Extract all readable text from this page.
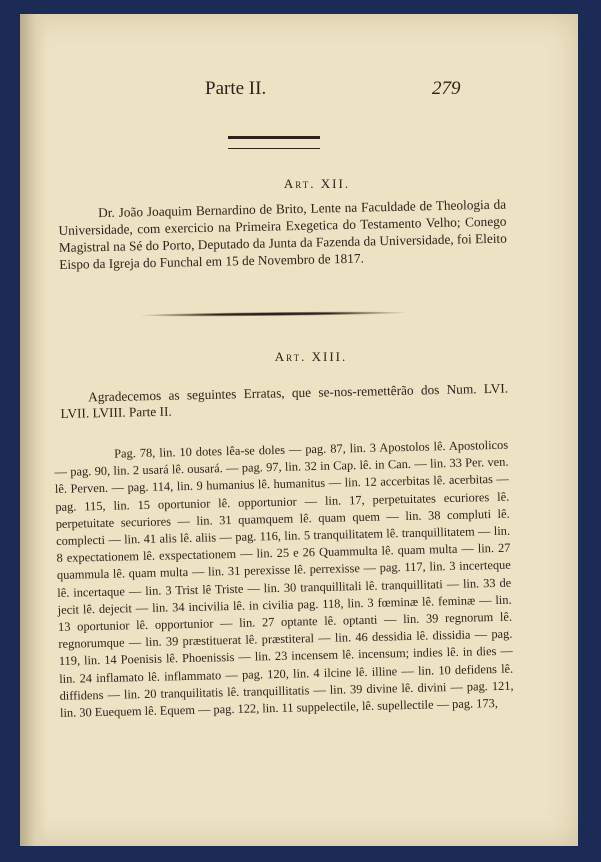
Parte II.	279
Art. XII.
Dr. João Joaquim Bernardino de Brito, Lente na Faculdade de Theologia da Universidade, com exercicio na Primeira Exegetica do Testamento Velho; Conego Magistral na Sé do Porto, Deputado da Junta da Fazenda da Universidade, foi Eleito Eispo da Igreja do Funchal em 15 de Novembro de 1817.
Art. XIII.
Agradecemos as seguintes Erratas, que se-nos-remettêrão dos Num. LVI. LVII. LVIII. Parte II.
Pag. 78, lin. 10 dotes lêa-se doles — pag. 87, lin. 3 Apostolos lê. Apostolicos — pag. 90, lin. 2 usará lê. ousará. — pag. 97, lin. 32 in Cap. lê. in Can. — lin. 33 Per. ven. lê. Perven. — pag. 114, lin. 9 humanius lê. humanitus — lin. 12 accerbitas lê. acerbitas — pag. 115, lin. 15 oportunior lê. opportunior — lin. 17, perpetuitates ecuriores lê. perpetuitate securiores — lin. 31 quamquem lê. quam quem — lin. 38 compluti lê. complecti — lin. 41 alis lê. aliis — pag. 116, lin. 5 tranquilitatem lê. tranquillitatem — lin. 8 expectationem lê. exspectationem — lin. 25 e 26 Quammulta lê. quam multa — lin. 27 quammula lê. quam multa — lin. 31 perexisse lê. perrexisse — pag. 117, lin. 3 incerteque lê. incertaque — lin. 3 Trist lê Triste — lin. 30 tranquillitali lê. tranquillitati — lin. 33 de jecit lê. dejecit — lin. 34 incivilia lê. in civilia pag. 118, lin. 3 fœminæ lê. feminæ — lin. 13 oportunior lê. opportunior — lin. 27 optante lê. optanti — lin. 39 regnorum lê. regnorumque — lin. 39 præstituerat lê. præstiteral — lin. 46 dessidia lê. dissidia — pag. 119, lin. 14 Poenisis lê. Phoenissis — lin. 23 incensem lê. incensum; indies lê. in dies — lin. 24 inflamato lê. inflammato — pag. 120, lin. 4 ilcine lê. illine — lin. 10 defidens lê. diffidens — lin. 20 tranquilitatis lê. tranquillitatis — lin. 39 divine lê. divini — pag. 121, lin. 30 Euequem lê. Equem — pag. 122, lin. 11 suppelectile, lê. supellectile — pag. 173,
